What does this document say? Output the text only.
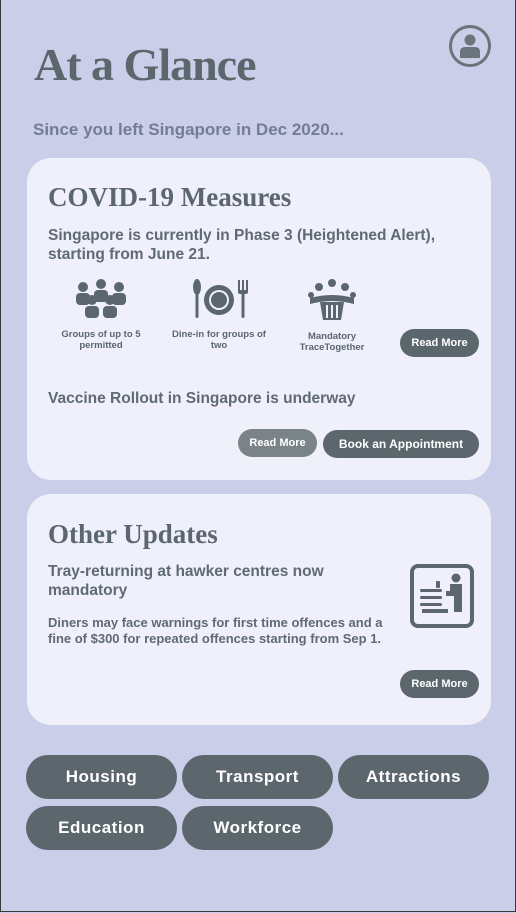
At a Glance

Since you left Singapore in Dec 2020...

COVID-19 Measures

Singapore is currently in Phase 3 (Heightened Alert), starting from June 21.

Groups of up to 5 permitted
Dine-in for groups of two
Mandatory TraceTogether	Read More

Vaccine Rollout in Singapore is underway

Read More	Book an Appointment
Other Updates

Tray-returning at hawker centres now mandatory

Diners may face warnings for first time offences and a fine of $300 for repeated offences starting from Sep 1.

Read More
Housing	Transport	Attractions
Education	Workforce
